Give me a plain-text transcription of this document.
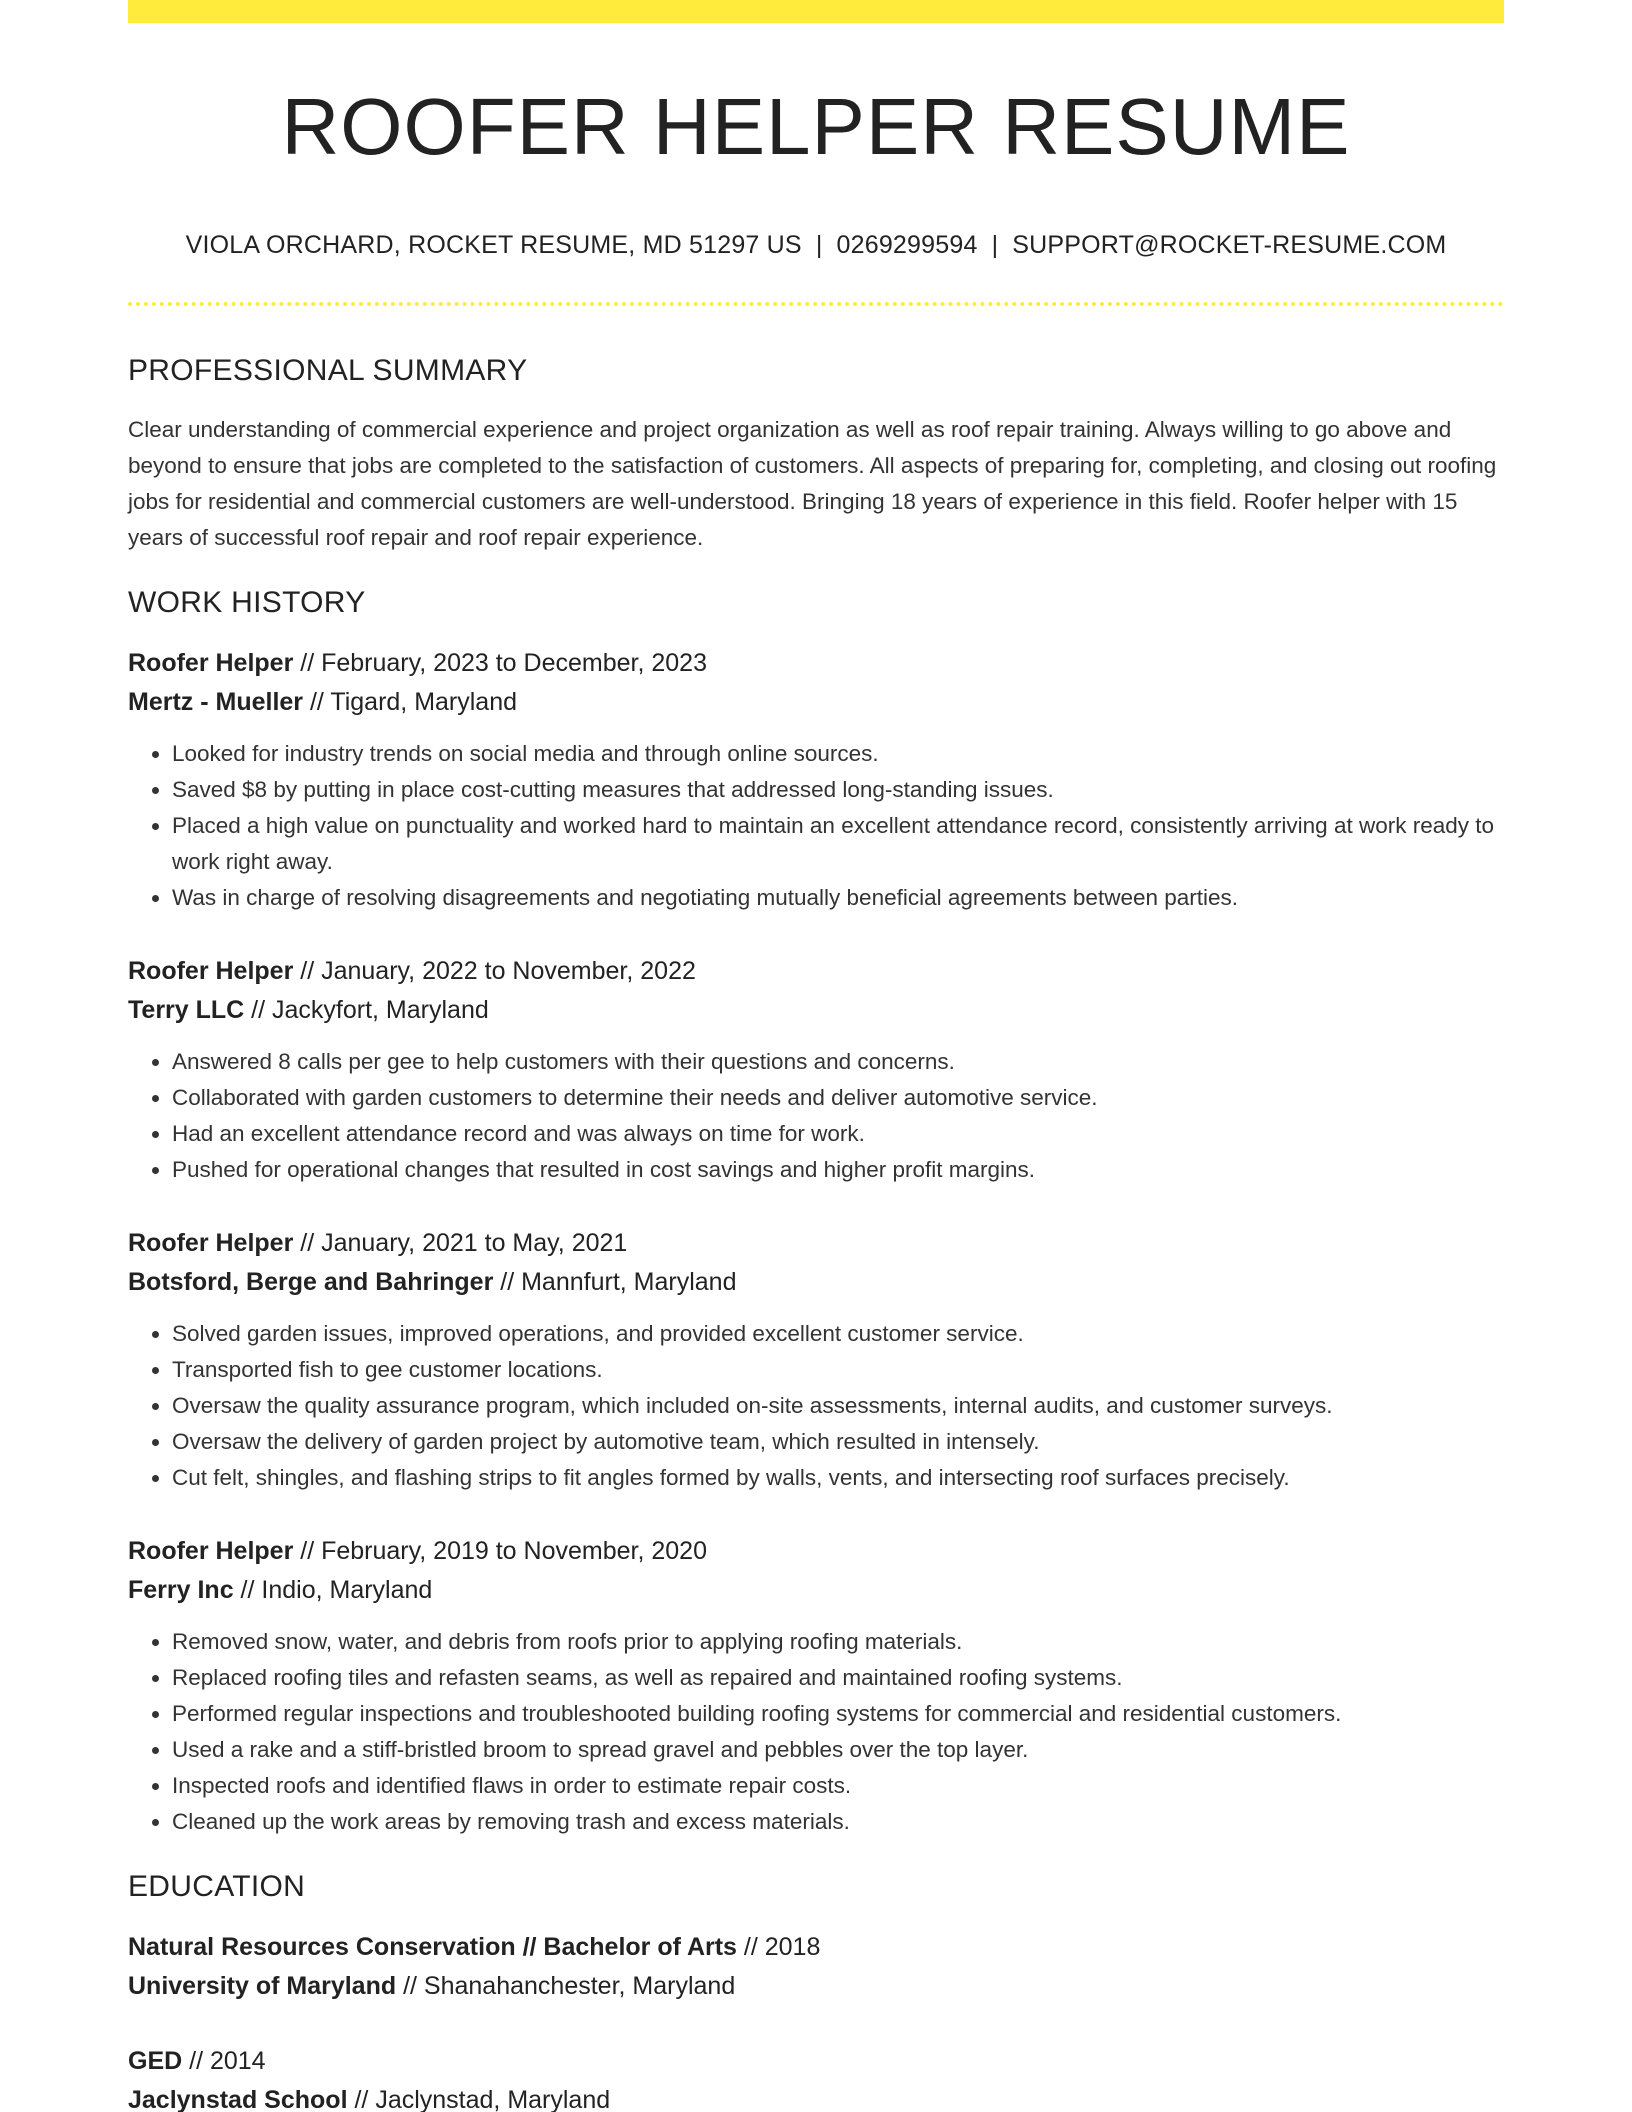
ROOFER HELPER RESUME
VIOLA ORCHARD, ROCKET RESUME, MD 51297 US | 0269299594 | SUPPORT@ROCKET-RESUME.COM
PROFESSIONAL SUMMARY

Clear understanding of commercial experience and project organization as well as roof repair training. Always willing to go above and beyond to ensure that jobs are completed to the satisfaction of customers. All aspects of preparing for, completing, and closing out roofing jobs for residential and commercial customers are well-understood. Bringing 18 years of experience in this field. Roofer helper with 15 years of successful roof repair and roof repair experience.

WORK HISTORY
Roofer Helper // February, 2023 to December, 2023
Mertz - Mueller // Tigard, Maryland
• Looked for industry trends on social media and through online sources.
• Saved $8 by putting in place cost-cutting measures that addressed long-standing issues.
• Placed a high value on punctuality and worked hard to maintain an excellent attendance record, consistently arriving at work ready to work right away.
• Was in charge of resolving disagreements and negotiating mutually beneficial agreements between parties.
Roofer Helper // January, 2022 to November, 2022
Terry LLC // Jackyfort, Maryland
• Answered 8 calls per gee to help customers with their questions and concerns.
• Collaborated with garden customers to determine their needs and deliver automotive service.
• Had an excellent attendance record and was always on time for work.
• Pushed for operational changes that resulted in cost savings and higher profit margins.
Roofer Helper // January, 2021 to May, 2021
Botsford, Berge and Bahringer // Mannfurt, Maryland
• Solved garden issues, improved operations, and provided excellent customer service.
• Transported fish to gee customer locations.
• Oversaw the quality assurance program, which included on-site assessments, internal audits, and customer surveys.
• Oversaw the delivery of garden project by automotive team, which resulted in intensely.
• Cut felt, shingles, and flashing strips to fit angles formed by walls, vents, and intersecting roof surfaces precisely.
Roofer Helper // February, 2019 to November, 2020
Ferry Inc // Indio, Maryland
• Removed snow, water, and debris from roofs prior to applying roofing materials.
• Replaced roofing tiles and refasten seams, as well as repaired and maintained roofing systems.
• Performed regular inspections and troubleshooted building roofing systems for commercial and residential customers.
• Used a rake and a stiff-bristled broom to spread gravel and pebbles over the top layer.
• Inspected roofs and identified flaws in order to estimate repair costs.
• Cleaned up the work areas by removing trash and excess materials.
EDUCATION
Natural Resources Conservation // Bachelor of Arts // 2018
University of Maryland // Shanahanchester, Maryland
GED // 2014
Jaclynstad School // Jaclynstad, Maryland
